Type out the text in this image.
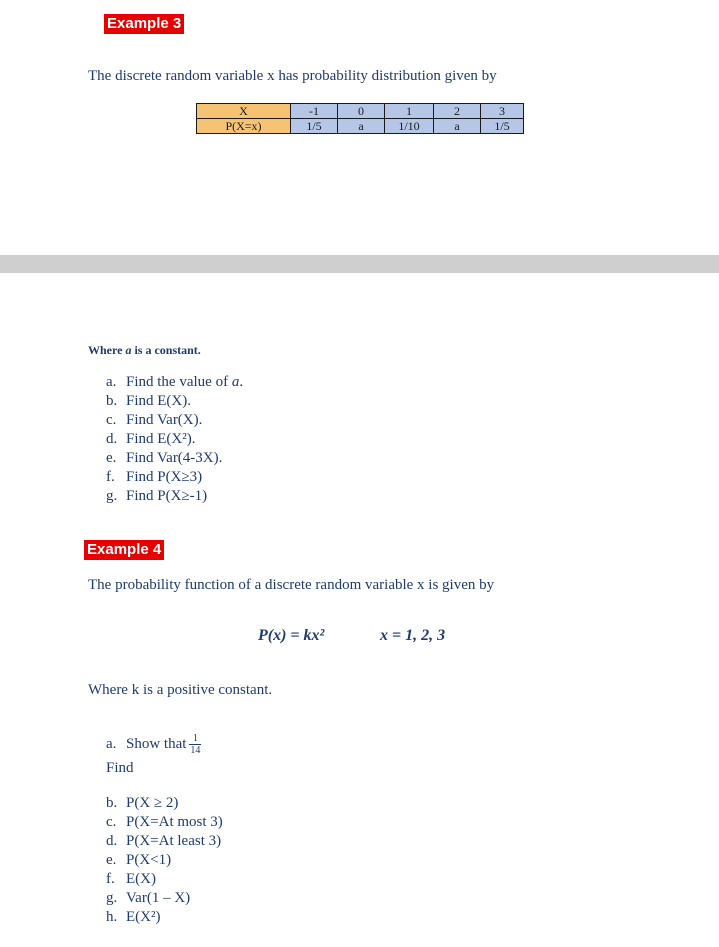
Example 3
The discrete random variable x has probability distribution given by
X	-1	0	1	2	3
P(X=x)	1/5	a	1/10	a	1/5
Where a is a constant.
a. Find the value of a.
b. Find E(X).
c. Find Var(X).
d. Find E(X²).
e. Find Var(4-3X).
f. Find P(X≥3)
g. Find P(X≥-1)
Example 4
The probability function of a discrete random variable x is given by
P(x) = kx²	x = 1, 2, 3
Where k is a positive constant.
a. Show that $\frac{1}{14}$
Find
b. P(X ≥ 2)
c. P(X=At most 3)
d. P(X=At least 3)
e. P(X<1)
f. E(X)
g. Var(1 – X)
h. E(X²)
